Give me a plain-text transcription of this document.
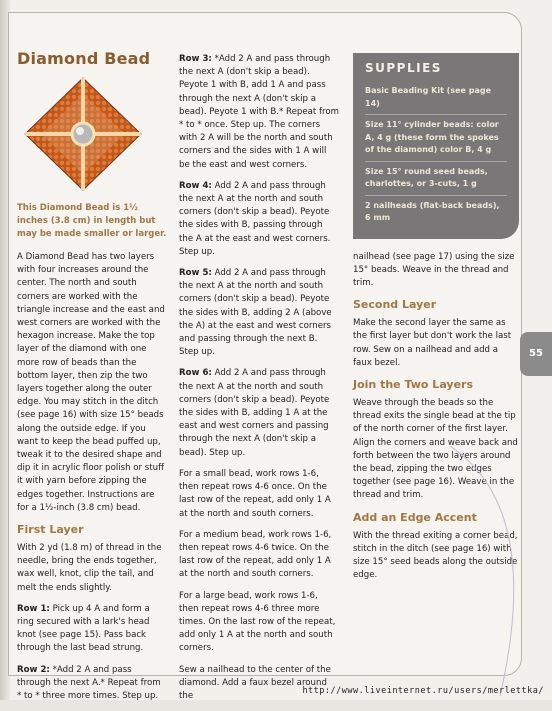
Diamond Bead
This Diamond Bead is 1½ inches (3.8 cm) in length but may be made smaller or larger.

A Diamond Bead has two layers with four increases around the center. The north and south corners are worked with the triangle increase and the east and west corners are worked with the hexagon increase. Make the top layer of the diamond with one more row of beads than the bottom layer, then zip the two layers together along the outer edge. You may stitch in the ditch (see page 16) with size 15° beads along the outside edge. If you want to keep the bead puffed up, tweak it to the desired shape and dip it in acrylic floor polish or stuff it with yarn before zipping the edges together. Instructions are for a 1½-inch (3.8 cm) bead.

First Layer

With 2 yd (1.8 m) of thread in the needle, bring the ends together, wax well, knot, clip the tail, and melt the ends slightly.

Row 1: Pick up 4 A and form a ring secured with a lark's head knot (see page 15). Pass back through the last bead strung.

Row 2: *Add 2 A and pass through the next A.* Repeat from * to * three more times. Step up.

Row 3: *Add 2 A and pass through the next A (don't skip a bead). Peyote 1 with B, add 1 A and pass through the next A (don't skip a bead). Peyote 1 with B.* Repeat from * to * once. Step up. The corners with 2 A will be the north and south corners and the sides with 1 A will be the east and west corners.

Row 4: Add 2 A and pass through the next A at the north and south corners (don't skip a bead). Peyote the sides with B, passing through the A at the east and west corners. Step up.

Row 5: Add 2 A and pass through the next A at the north and south corners (don't skip a bead). Peyote the sides with B, adding 2 A (above the A) at the east and west corners and passing through the next B. Step up.

Row 6: Add 2 A and pass through the next A at the north and south corners (don't skip a bead). Peyote the sides with B, adding 1 A at the east and west corners and passing through the next A (don't skip a bead). Step up.

For a small bead, work rows 1-6, then repeat rows 4-6 once. On the last row of the repeat, add only 1 A at the north and south corners.

For a medium bead, work rows 1-6, then repeat rows 4-6 twice. On the last row of the repeat, add only 1 A at the north and south corners.

For a large bead, work rows 1-6, then repeat rows 4-6 three more times. On the last row of the repeat, add only 1 A at the north and south corners.

Sew a nailhead to the center of the diamond. Add a faux bezel around the

SUPPLIES
Basic Beading Kit (see page 14)
Size 11° cylinder beads: color A, 4 g (these form the spokes of the diamond) color B, 4 g
Size 15° round seed beads, charlottes, or 3-cuts, 1 g
2 nailheads (flat-back beads), 6 mm

nailhead (see page 17) using the size 15° beads. Weave in the thread and trim.

Second Layer

Make the second layer the same as the first layer but don't work the last row. Sew on a nailhead and add a faux bezel.

Join the Two Layers

Weave through the beads so the thread exits the single bead at the tip of the north corner of the first layer. Align the corners and weave back and forth between the two layers around the bead, zipping the two edges together (see page 16). Weave in the thread and trim.

Add an Edge Accent

With the thread exiting a corner bead, stitch in the ditch (see page 16) with size 15° seed beads along the outside edge.

55
http://www.liveinternet.ru/users/merlettka/
